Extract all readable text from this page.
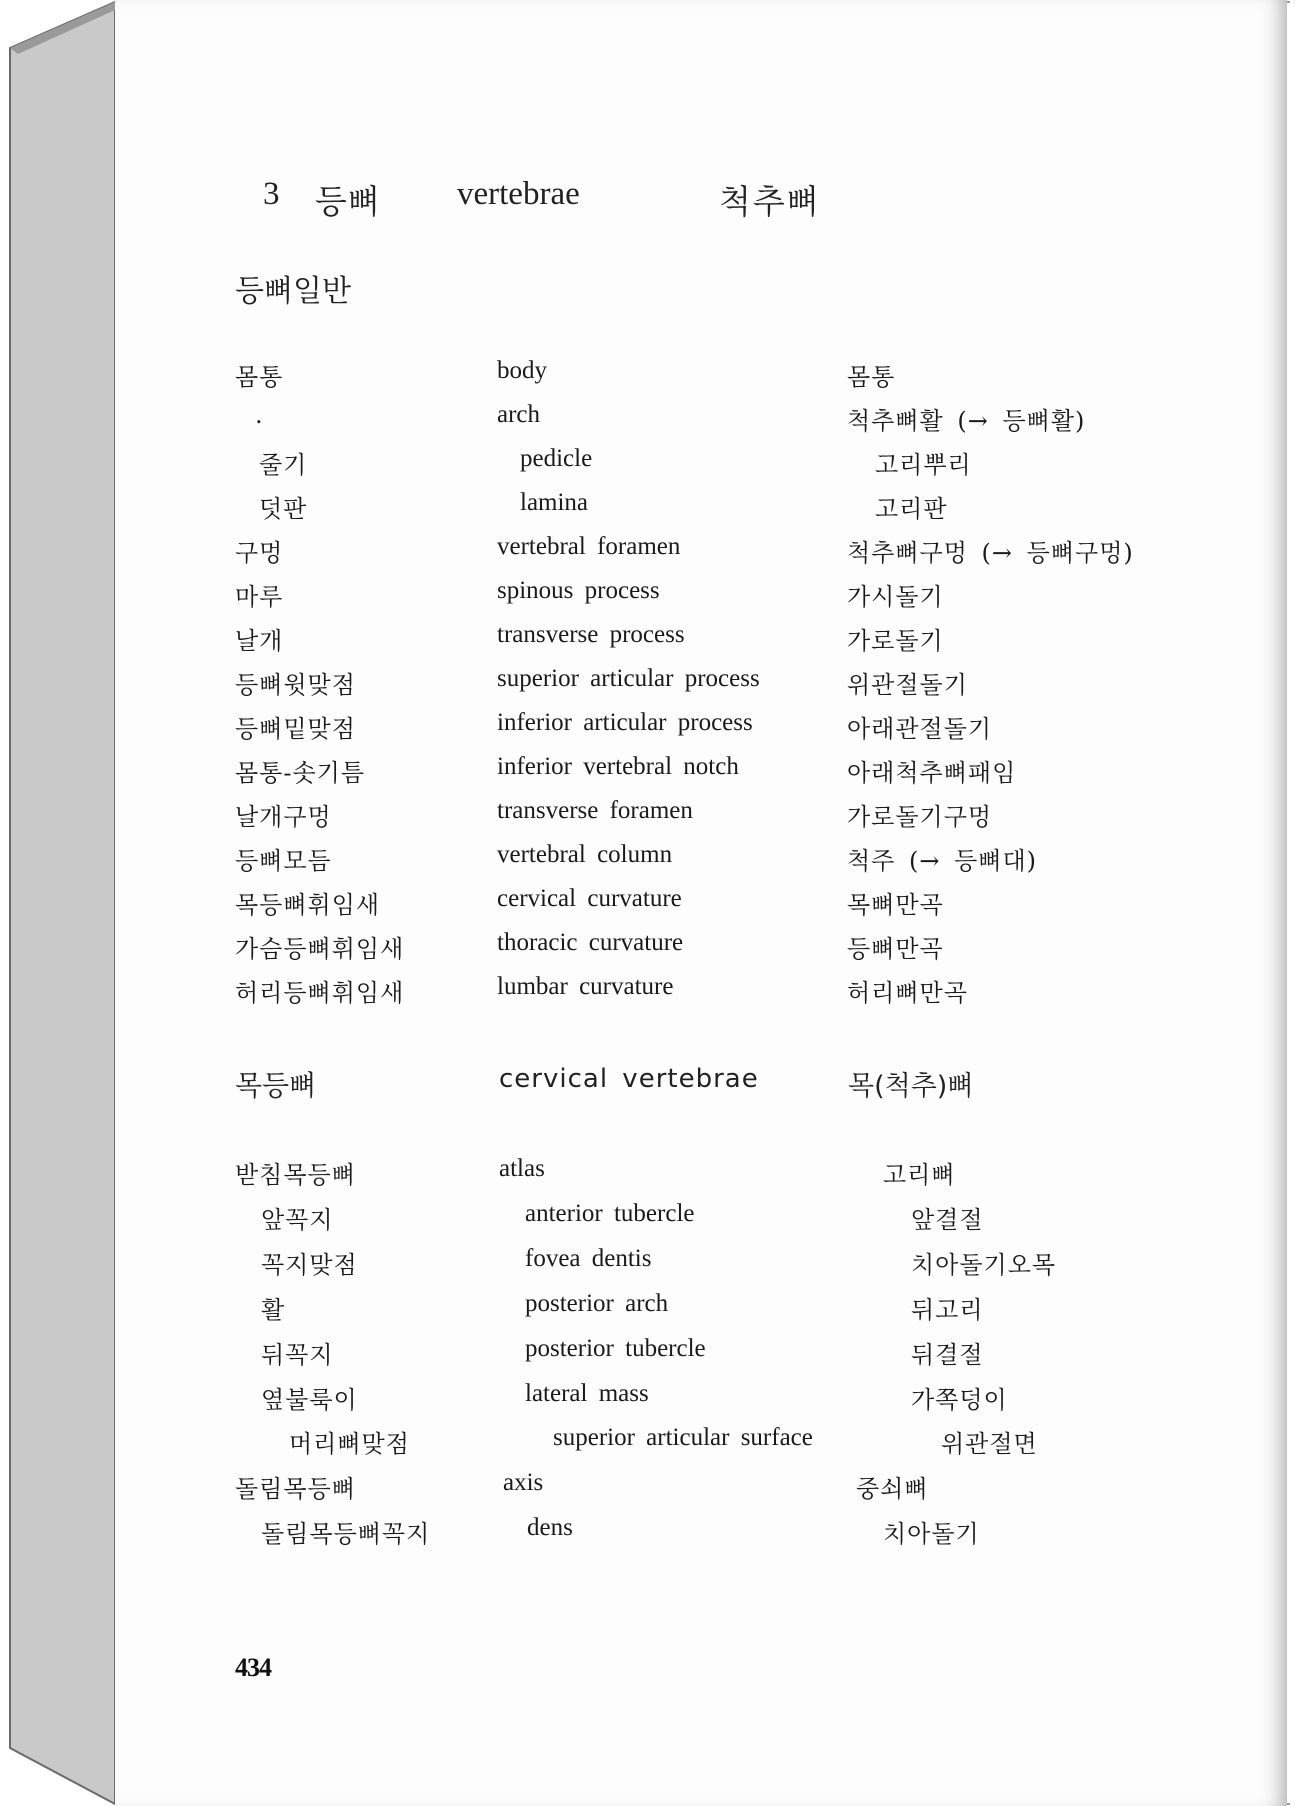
3 등뼈 vertebrae	척추뼈
등뼈일반
몸통	body	몸통
.	arch	척추뼈활 (→ 등뼈활)
줄기	pedicle	고리뿌리
덧판	lamina	고리판
구멍	vertebral foramen	척추뼈구멍 (→ 등뼈구멍)
마루	spinous process	가시돌기
날개	transverse process	가로돌기
등뼈윗맞점	superior articular process	위관절돌기
등뼈밑맞점	inferior articular process	아래관절돌기
몸통-솟기틈	inferior vertebral notch	아래척추뼈패임
날개구멍	transverse foramen	가로돌기구멍
등뼈모듬	vertebral column	척주 (→ 등뼈대)
목등뼈휘임새	cervical curvature	목뼈만곡
가슴등뼈휘임새	thoracic curvature	등뼈만곡
허리등뼈휘임새	lumbar curvature	허리뼈만곡
목등뼈	cervical vertebrae	목(척추)뼈
받침목등뼈	atlas	고리뼈
앞꼭지	anterior tubercle	앞결절
꼭지맞점	fovea dentis	치아돌기오목
활	posterior arch	뒤고리
뒤꼭지	posterior tubercle	뒤결절
옆불룩이	lateral mass	가쪽덩이
머리뼈맞점	superior articular surface	위관절면
돌림목등뼈	axis	중쇠뼈
돌림목등뼈꼭지	dens	치아돌기
434
